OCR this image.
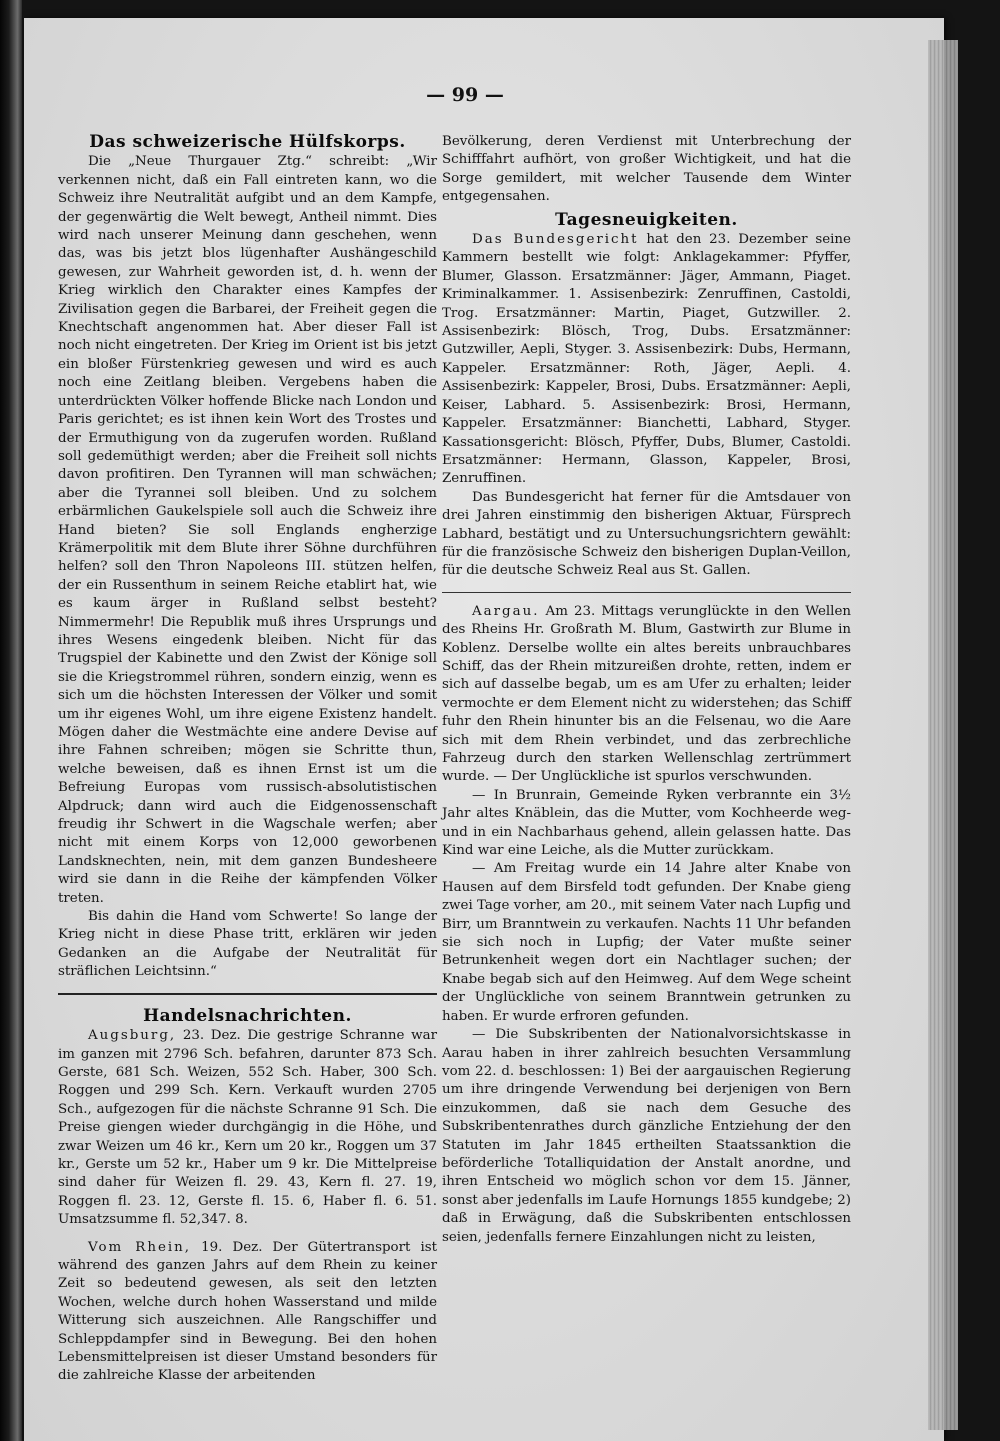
— 99 —
Das schweizerische Hülfskorps.

Die „Neue Thurgauer Ztg.“ schreibt: „Wir verkennen nicht, daß ein Fall eintreten kann, wo die Schweiz ihre Neutralität aufgibt und an dem Kampfe, der gegenwärtig die Welt bewegt, Antheil nimmt. Dies wird nach unserer Meinung dann geschehen, wenn das, was bis jetzt blos lügenhafter Aushängeschild gewesen, zur Wahrheit geworden ist, d. h. wenn der Krieg wirklich den Charakter eines Kampfes der Zivilisation gegen die Barbarei, der Freiheit gegen die Knechtschaft angenommen hat. Aber dieser Fall ist noch nicht eingetreten. Der Krieg im Orient ist bis jetzt ein bloßer Fürstenkrieg gewesen und wird es auch noch eine Zeitlang bleiben. Vergebens haben die unterdrückten Völker hoffende Blicke nach London und Paris gerichtet; es ist ihnen kein Wort des Trostes und der Ermuthigung von da zugerufen worden. Rußland soll gedemüthigt werden; aber die Freiheit soll nichts davon profitiren. Den Tyrannen will man schwächen; aber die Tyrannei soll bleiben. Und zu solchem erbärmlichen Gaukelspiele soll auch die Schweiz ihre Hand bieten? Sie soll Englands engherzige Krämerpolitik mit dem Blute ihrer Söhne durchführen helfen? soll den Thron Napoleons III. stützen helfen, der ein Russenthum in seinem Reiche etablirt hat, wie es kaum ärger in Rußland selbst besteht? Nimmermehr! Die Republik muß ihres Ursprungs und ihres Wesens eingedenk bleiben. Nicht für das Trugspiel der Kabinette und den Zwist der Könige soll sie die Kriegstrommel rühren, sondern einzig, wenn es sich um die höchsten Interessen der Völker und somit um ihr eigenes Wohl, um ihre eigene Existenz handelt. Mögen daher die Westmächte eine andere Devise auf ihre Fahnen schreiben; mögen sie Schritte thun, welche beweisen, daß es ihnen Ernst ist um die Befreiung Europas vom russisch-absolutistischen Alpdruck; dann wird auch die Eidgenossenschaft freudig ihr Schwert in die Wagschale werfen; aber nicht mit einem Korps von 12,000 geworbenen Landsknechten, nein, mit dem ganzen Bundesheere wird sie dann in die Reihe der kämpfenden Völker treten.

Bis dahin die Hand vom Schwerte! So lange der Krieg nicht in diese Phase tritt, erklären wir jeden Gedanken an die Aufgabe der Neutralität für sträflichen Leichtsinn.“

Handelsnachrichten.

Augsburg, 23. Dez. Die gestrige Schranne war im ganzen mit 2796 Sch. befahren, darunter 873 Sch. Gerste, 681 Sch. Weizen, 552 Sch. Haber, 300 Sch. Roggen und 299 Sch. Kern. Verkauft wurden 2705 Sch., aufgezogen für die nächste Schranne 91 Sch. Die Preise giengen wieder durchgängig in die Höhe, und zwar Weizen um 46 kr., Kern um 20 kr., Roggen um 37 kr., Gerste um 52 kr., Haber um 9 kr. Die Mittelpreise sind daher für Weizen fl. 29. 43, Kern fl. 27. 19, Roggen fl. 23. 12, Gerste fl. 15. 6, Haber fl. 6. 51. Umsatzsumme fl. 52,347. 8.

Vom Rhein, 19. Dez. Der Gütertransport ist während des ganzen Jahrs auf dem Rhein zu keiner Zeit so bedeutend gewesen, als seit den letzten Wochen, welche durch hohen Wasserstand und milde Witterung sich auszeichnen. Alle Rangschiffer und Schleppdampfer sind in Bewegung. Bei den hohen Lebensmittelpreisen ist dieser Umstand besonders für die zahlreiche Klasse der arbeitenden

Bevölkerung, deren Verdienst mit Unterbrechung der Schifffahrt aufhört, von großer Wichtigkeit, und hat die Sorge gemildert, mit welcher Tausende dem Winter entgegensahen.

Tagesneuigkeiten.

Das Bundesgericht hat den 23. Dezember seine Kammern bestellt wie folgt: Anklagekammer: Pfyffer, Blumer, Glasson. Ersatzmänner: Jäger, Ammann, Piaget. Kriminalkammer. 1. Assisenbezirk: Zenruffinen, Castoldi, Trog. Ersatzmänner: Martin, Piaget, Gutzwiller. 2. Assisenbezirk: Blösch, Trog, Dubs. Ersatzmänner: Gutzwiller, Aepli, Styger. 3. Assisenbezirk: Dubs, Hermann, Kappeler. Ersatzmänner: Roth, Jäger, Aepli. 4. Assisenbezirk: Kappeler, Brosi, Dubs. Ersatzmänner: Aepli, Keiser, Labhard. 5. Assisenbezirk: Brosi, Hermann, Kappeler. Ersatzmänner: Bianchetti, Labhard, Styger. Kassationsgericht: Blösch, Pfyffer, Dubs, Blumer, Castoldi. Ersatzmänner: Hermann, Glasson, Kappeler, Brosi, Zenruffinen.

Das Bundesgericht hat ferner für die Amtsdauer von drei Jahren einstimmig den bisherigen Aktuar, Fürsprech Labhard, bestätigt und zu Untersuchungsrichtern gewählt: für die französische Schweiz den bisherigen Duplan-Veillon, für die deutsche Schweiz Real aus St. Gallen.

Aargau. Am 23. Mittags verunglückte in den Wellen des Rheins Hr. Großrath M. Blum, Gastwirth zur Blume in Koblenz. Derselbe wollte ein altes bereits unbrauchbares Schiff, das der Rhein mitzureißen drohte, retten, indem er sich auf dasselbe begab, um es am Ufer zu erhalten; leider vermochte er dem Element nicht zu widerstehen; das Schiff fuhr den Rhein hinunter bis an die Felsenau, wo die Aare sich mit dem Rhein verbindet, und das zerbrechliche Fahrzeug durch den starken Wellenschlag zertrümmert wurde. — Der Unglückliche ist spurlos verschwunden.

— In Brunrain, Gemeinde Ryken verbrannte ein 3½ Jahr altes Knäblein, das die Mutter, vom Kochheerde weg- und in ein Nachbarhaus gehend, allein gelassen hatte. Das Kind war eine Leiche, als die Mutter zurückkam.

— Am Freitag wurde ein 14 Jahre alter Knabe von Hausen auf dem Birsfeld todt gefunden. Der Knabe gieng zwei Tage vorher, am 20., mit seinem Vater nach Lupfig und Birr, um Branntwein zu verkaufen. Nachts 11 Uhr befanden sie sich noch in Lupfig; der Vater mußte seiner Betrunkenheit wegen dort ein Nachtlager suchen; der Knabe begab sich auf den Heimweg. Auf dem Wege scheint der Unglückliche von seinem Branntwein getrunken zu haben. Er wurde erfroren gefunden.

— Die Subskribenten der Nationalvorsichtskasse in Aarau haben in ihrer zahlreich besuchten Versammlung vom 22. d. beschlossen: 1) Bei der aargauischen Regierung um ihre dringende Verwendung bei derjenigen von Bern einzukommen, daß sie nach dem Gesuche des Subskribentenrathes durch gänzliche Entziehung der den Statuten im Jahr 1845 ertheilten Staatssanktion die beförderliche Totalliquidation der Anstalt anordne, und ihren Entscheid wo möglich schon vor dem 15. Jänner, sonst aber jedenfalls im Laufe Hornungs 1855 kundgebe; 2) daß in Erwägung, daß die Subskribenten entschlossen seien, jedenfalls fernere Einzahlungen nicht zu leisten,
